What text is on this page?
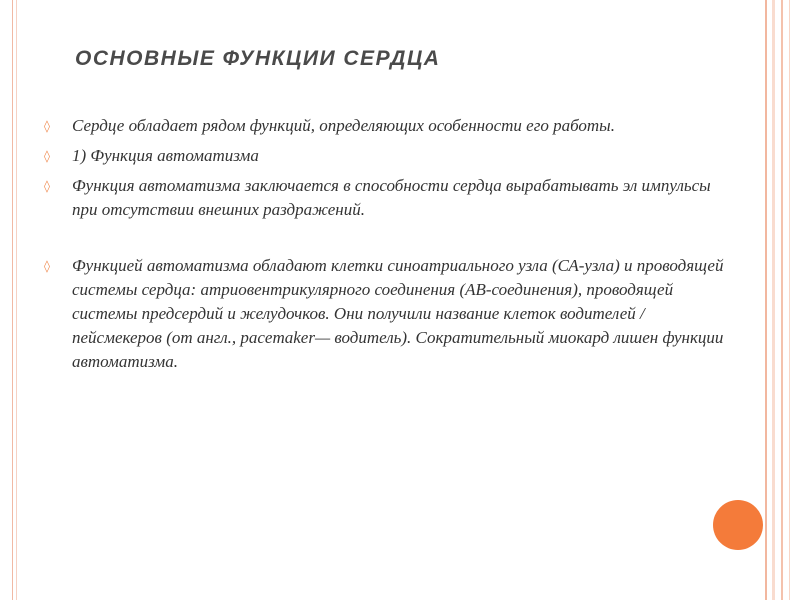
ОСНОВНЫЕ ФУНКЦИИ СЕРДЦА
◊	Сердце обладает рядом функций, определяющих особенности его работы.
◊	1) Функция автоматизма
◊	Функция автоматизма заключается в способности сердца вырабатывать эл импульсы при отсутствии внешних раздражений.
◊	Функцией автоматизма обладают клетки синоатриального узла (СА-узла) и проводящей системы сердца: атриовентрикулярного соединения (АВ-соединения), проводящей системы предсердий и желудочков. Они получили название клеток водителей /пейсмекеров (от англ., pacemaker— водитель). Сократительный миокард лишен функции автоматизма.
